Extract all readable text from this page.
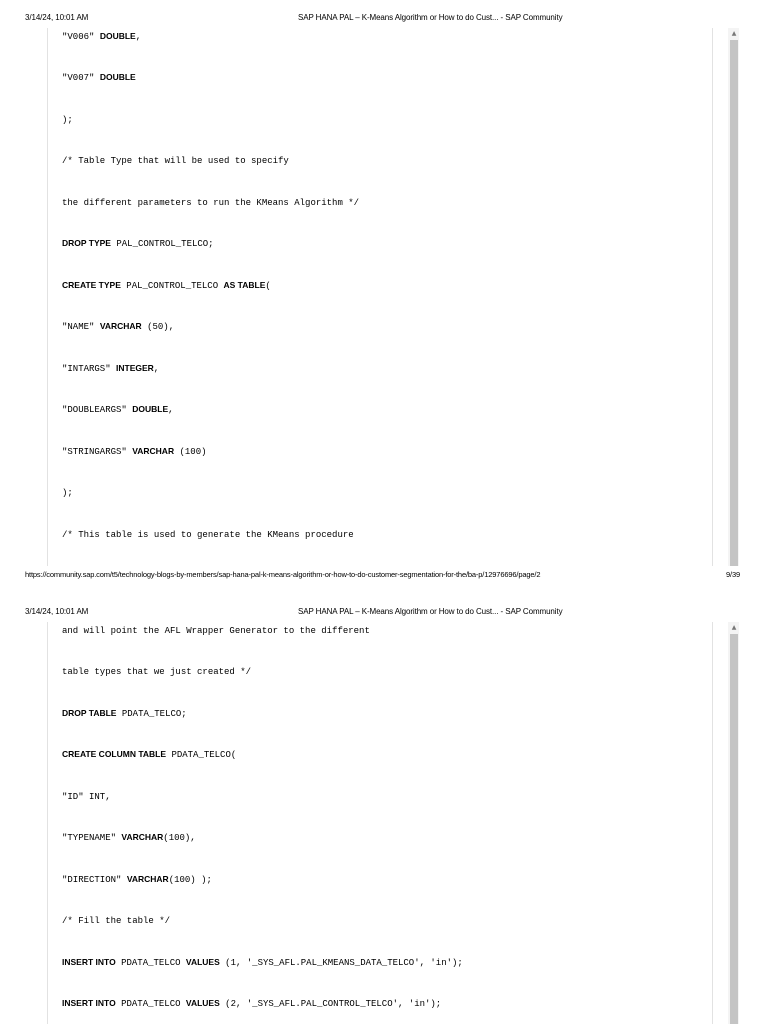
3/14/24, 10:01 AM	SAP HANA PAL – K-Means Algorithm or How to do Cust... - SAP Community
"V006" DOUBLE,
"V007" DOUBLE
);
/* Table Type that will be used to specify
the different parameters to run the KMeans Algorithm */
DROP TYPE PAL_CONTROL_TELCO;
CREATE TYPE PAL_CONTROL_TELCO AS TABLE(
"NAME" VARCHAR (50),
"INTARGS" INTEGER,
"DOUBLEARGS" DOUBLE,
"STRINGARGS" VARCHAR (100)
);
/* This table is used to generate the KMeans procedure
▲
https://community.sap.com/t5/technology-blogs-by-members/sap-hana-pal-k-means-algorithm-or-how-to-do-customer-segmentation-for-the/ba-p/12976696/page/2	9/39
3/14/24, 10:01 AM	SAP HANA PAL – K-Means Algorithm or How to do Cust... - SAP Community
and will point the AFL Wrapper Generator to the different
table types that we just created */
DROP TABLE PDATA_TELCO;
CREATE COLUMN TABLE PDATA_TELCO(
"ID" INT,
"TYPENAME" VARCHAR(100),
"DIRECTION" VARCHAR(100) );
/* Fill the table */
INSERT INTO PDATA_TELCO VALUES (1, '_SYS_AFL.PAL_KMEANS_DATA_TELCO', 'in');
INSERT INTO PDATA_TELCO VALUES (2, '_SYS_AFL.PAL_CONTROL_TELCO', 'in');
▲
